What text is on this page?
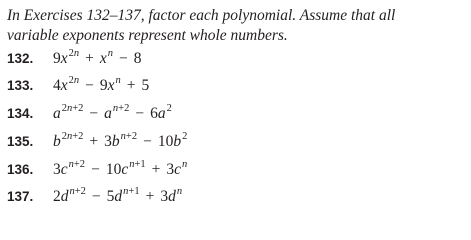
In Exercises 132–137, factor each polynomial. Assume that all
variable exponents represent whole numbers.
132. $9x^{2n} + x^n - 8$
133. $4x^{2n} - 9x^n + 5$
134. $a^{2n+2} - a^{n+2} - 6a^2$
135. $b^{2n+2} + 3b^{n+2} - 10b^2$
136. $3c^{n+2} - 10c^{n+1} + 3c^n$
137. $2d^{n+2} - 5d^{n+1} + 3d^n$
